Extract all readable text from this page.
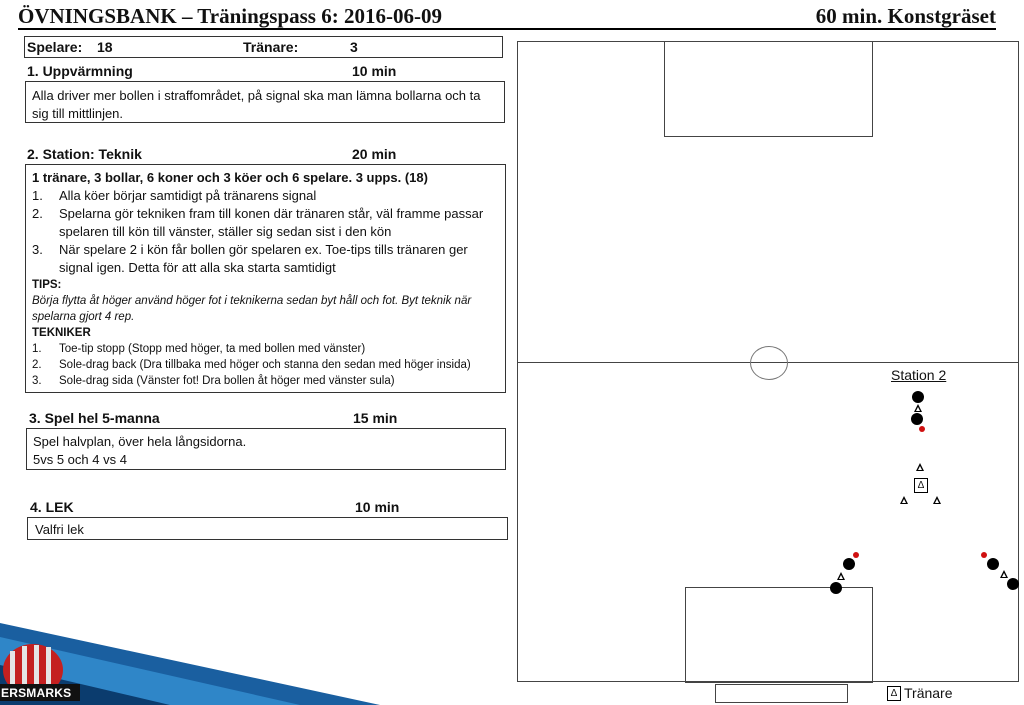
ÖVNINGSBANK – Träningspass 6: 2016-06-09	60 min. Konstgräset
Spelare: 18	Tränare:	3
1. Uppvärmning	10 min
Alla driver mer bollen i straffområdet, på signal ska man lämna bollarna och ta sig till mittlinjen.
2. Station: Teknik	20 min
1 tränare, 3 bollar, 6 koner och 3 köer och 6 spelare. 3 upps. (18)
1.	Alla köer börjar samtidigt på tränarens signal
2.	Spelarna gör tekniken fram till konen där tränaren står, väl framme passar spelaren till kön till vänster, ställer sig sedan sist i den kön
3.	När spelare 2 i kön får bollen gör spelaren ex. Toe-tips tills tränaren ger signal igen. Detta för att alla ska starta samtidigt
TIPS:
Börja flytta åt höger använd höger fot i teknikerna sedan byt håll och fot. Byt teknik när spelarna gjort 4 rep.
TEKNIKER
1.	Toe-tip stopp (Stopp med höger, ta med bollen med vänster)
2.	Sole-drag back (Dra tillbaka med höger och stanna den sedan med höger insida)
3.	Sole-drag sida (Vänster fot! Dra bollen åt höger med vänster sula)
3. Spel hel 5-manna	15 min
Spel halvplan, över hela långsidorna.
5vs 5 och 4 vs 4
4. LEK	10 min
Valfri lek
ERSMARKS
Station 2
Δ
Δ Tränare
